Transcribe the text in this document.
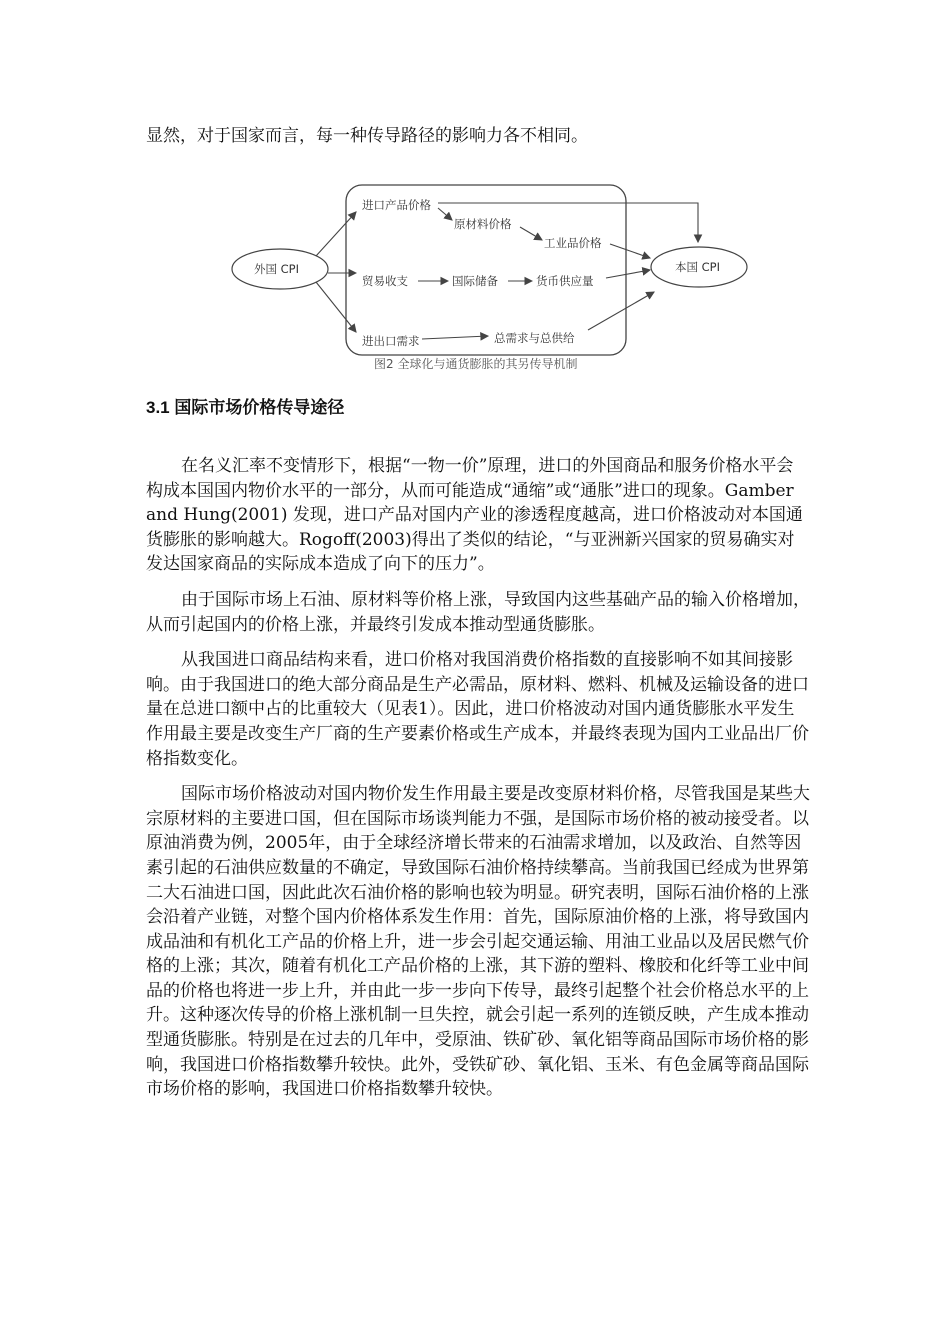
显然，对于国家而言，每一种传导路径的影响力各不相同。

外国 CPI	本国 CPI
进口产品价格
原材料价格
工业品价格
贸易收支	国际储备	货币供应量
进出口需求	总需求与总供给
图2 全球化与通货膨胀的其另传导机制
3.1 国际市场价格传导途径

在名义汇率不变情形下，根据“一物一价”原理，进口的外国商品和服务价格水平会构成本国国内物价水平的一部分，从而可能造成“通缩”或“通胀”进口的现象。Gamber and Hung(2001) 发现，进口产品对国内产业的渗透程度越高，进口价格波动对本国通货膨胀的影响越大。Rogoff(2003)得出了类似的结论，“与亚洲新兴国家的贸易确实对发达国家商品的实际成本造成了向下的压力”。

由于国际市场上石油、原材料等价格上涨，导致国内这些基础产品的输入价格增加，从而引起国内的价格上涨，并最终引发成本推动型通货膨胀。

从我国进口商品结构来看，进口价格对我国消费价格指数的直接影响不如其间接影响。由于我国进口的绝大部分商品是生产必需品，原材料、燃料、机械及运输设备的进口量在总进口额中占的比重较大（见表1）。因此，进口价格波动对国内通货膨胀水平发生作用最主要是改变生产厂商的生产要素价格或生产成本，并最终表现为国内工业品出厂价格指数变化。

国际市场价格波动对国内物价发生作用最主要是改变原材料价格，尽管我国是某些大宗原材料的主要进口国，但在国际市场谈判能力不强，是国际市场价格的被动接受者。以原油消费为例，2005年，由于全球经济增长带来的石油需求增加，以及政治、自然等因素引起的石油供应数量的不确定，导致国际石油价格持续攀高。当前我国已经成为世界第二大石油进口国，因此此次石油价格的影响也较为明显。研究表明，国际石油价格的上涨会沿着产业链，对整个国内价格体系发生作用：首先，国际原油价格的上涨，将导致国内成品油和有机化工产品的价格上升，进一步会引起交通运输、用油工业品以及居民燃气价格的上涨；其次，随着有机化工产品价格的上涨，其下游的塑料、橡胶和化纤等工业中间品的价格也将进一步上升，并由此一步一步向下传导，最终引起整个社会价格总水平的上升。这种逐次传导的价格上涨机制一旦失控，就会引起一系列的连锁反映，产生成本推动型通货膨胀。特别是在过去的几年中，受原油、铁矿砂、氧化铝等商品国际市场价格的影响，我国进口价格指数攀升较快。此外，受铁矿砂、氧化铝、玉米、有色金属等商品国际市场价格的影响，我国进口价格指数攀升较快。
